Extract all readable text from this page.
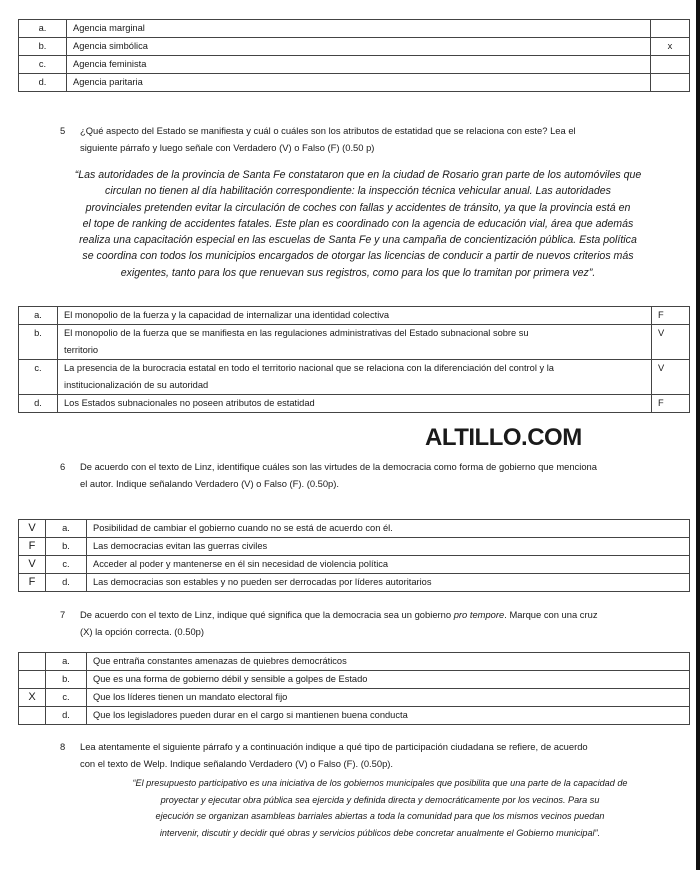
a.	Agencia marginal	
b.	Agencia simbólica	x
c.	Agencia feminista	
d.	Agencia paritaria	
5 ¿Qué aspecto del Estado se manifiesta y cuál o cuáles son los atributos de estatidad que se relaciona con este? Lea el
siguiente párrafo y luego señale con Verdadero (V) o Falso (F) (0.50 p)
“Las autoridades de la provincia de Santa Fe constataron que en la ciudad de Rosario gran parte de los automóviles que
circulan no tienen al día habilitación correspondiente: la inspección técnica vehicular anual. Las autoridades
provinciales pretenden evitar la circulación de coches con fallas y accidentes de tránsito, ya que la provincia está en
el tope de ranking de accidentes fatales. Este plan es coordinado con la agencia de educación vial, área que además
realiza una capacitación especial en las escuelas de Santa Fe y una campaña de concientización pública. Esta política
se coordina con todos los municipios encargados de otorgar las licencias de conducir a partir de nuevos criterios más
exigentes, tanto para los que renuevan sus registros, como para los que lo tramitan por primera vez”.
a.	El monopolio de la fuerza y la capacidad de internalizar una identidad colectiva	F
b.	El monopolio de la fuerza que se manifiesta en las regulaciones administrativas del Estado subnacional sobre su
territorio	V
c.	La presencia de la burocracia estatal en todo el territorio nacional que se relaciona con la diferenciación del control y la
institucionalización de su autoridad	V
d.	Los Estados subnacionales no poseen atributos de estatidad	F
ALTILLO.COM
6 De acuerdo con el texto de Linz, identifique cuáles son las virtudes de la democracia como forma de gobierno que menciona
el autor. Indique señalando Verdadero (V) o Falso (F). (0.50p).
V	a.	Posibilidad de cambiar el gobierno cuando no se está de acuerdo con él.
F	b.	Las democracias evitan las guerras civiles
V	c.	Acceder al poder y mantenerse en él sin necesidad de violencia política
F	d.	Las democracias son estables y no pueden ser derrocadas por líderes autoritarios
7 De acuerdo con el texto de Linz, indique qué significa que la democracia sea un gobierno pro tempore. Marque con una cruz
(X) la opción correcta. (0.50p)
	a.	Que entraña constantes amenazas de quiebres democráticos
	b.	Que es una forma de gobierno débil y sensible a golpes de Estado
X	c.	Que los líderes tienen un mandato electoral fijo
	d.	Que los legisladores pueden durar en el cargo si mantienen buena conducta
8 Lea atentamente el siguiente párrafo y a continuación indique a qué tipo de participación ciudadana se refiere, de acuerdo
con el texto de Welp. Indique señalando Verdadero (V) o Falso (F). (0.50p).
“El presupuesto participativo es una iniciativa de los gobiernos municipales que posibilita que una parte de la capacidad de
proyectar y ejecutar obra pública sea ejercida y definida directa y democráticamente por los vecinos. Para su
ejecución se organizan asambleas barriales abiertas a toda la comunidad para que los mismos vecinos puedan
intervenir, discutir y decidir qué obras y servicios públicos debe concretar anualmente el Gobierno municipal”.
